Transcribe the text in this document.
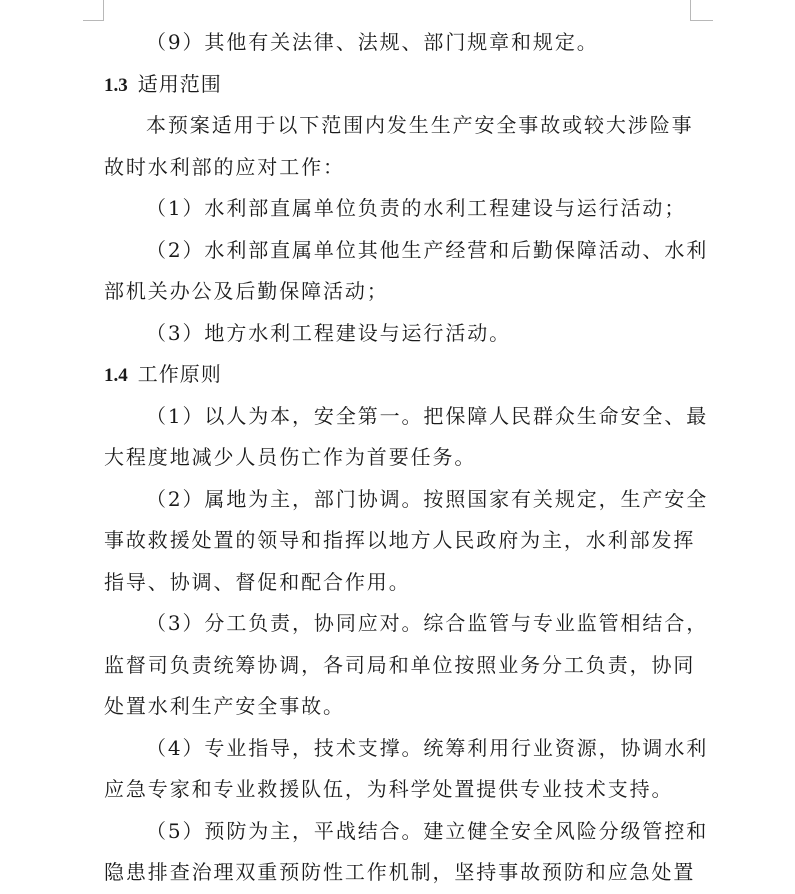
（9）其他有关法律、法规、部门规章和规定。
1.3 适用范围
本预案适用于以下范围内发生生产安全事故或较大涉险事
故时水利部的应对工作：
（1）水利部直属单位负责的水利工程建设与运行活动；
（2）水利部直属单位其他生产经营和后勤保障活动、水利
部机关办公及后勤保障活动；
（3）地方水利工程建设与运行活动。
1.4 工作原则
（1）以人为本，安全第一。把保障人民群众生命安全、最
大程度地减少人员伤亡作为首要任务。
（2）属地为主，部门协调。按照国家有关规定，生产安全
事故救援处置的领导和指挥以地方人民政府为主，水利部发挥
指导、协调、督促和配合作用。
（3）分工负责，协同应对。综合监管与专业监管相结合，
监督司负责统筹协调，各司局和单位按照业务分工负责，协同
处置水利生产安全事故。
（4）专业指导，技术支撑。统筹利用行业资源，协调水利
应急专家和专业救援队伍，为科学处置提供专业技术支持。
（5）预防为主，平战结合。建立健全安全风险分级管控和
隐患排查治理双重预防性工作机制，坚持事故预防和应急处置
